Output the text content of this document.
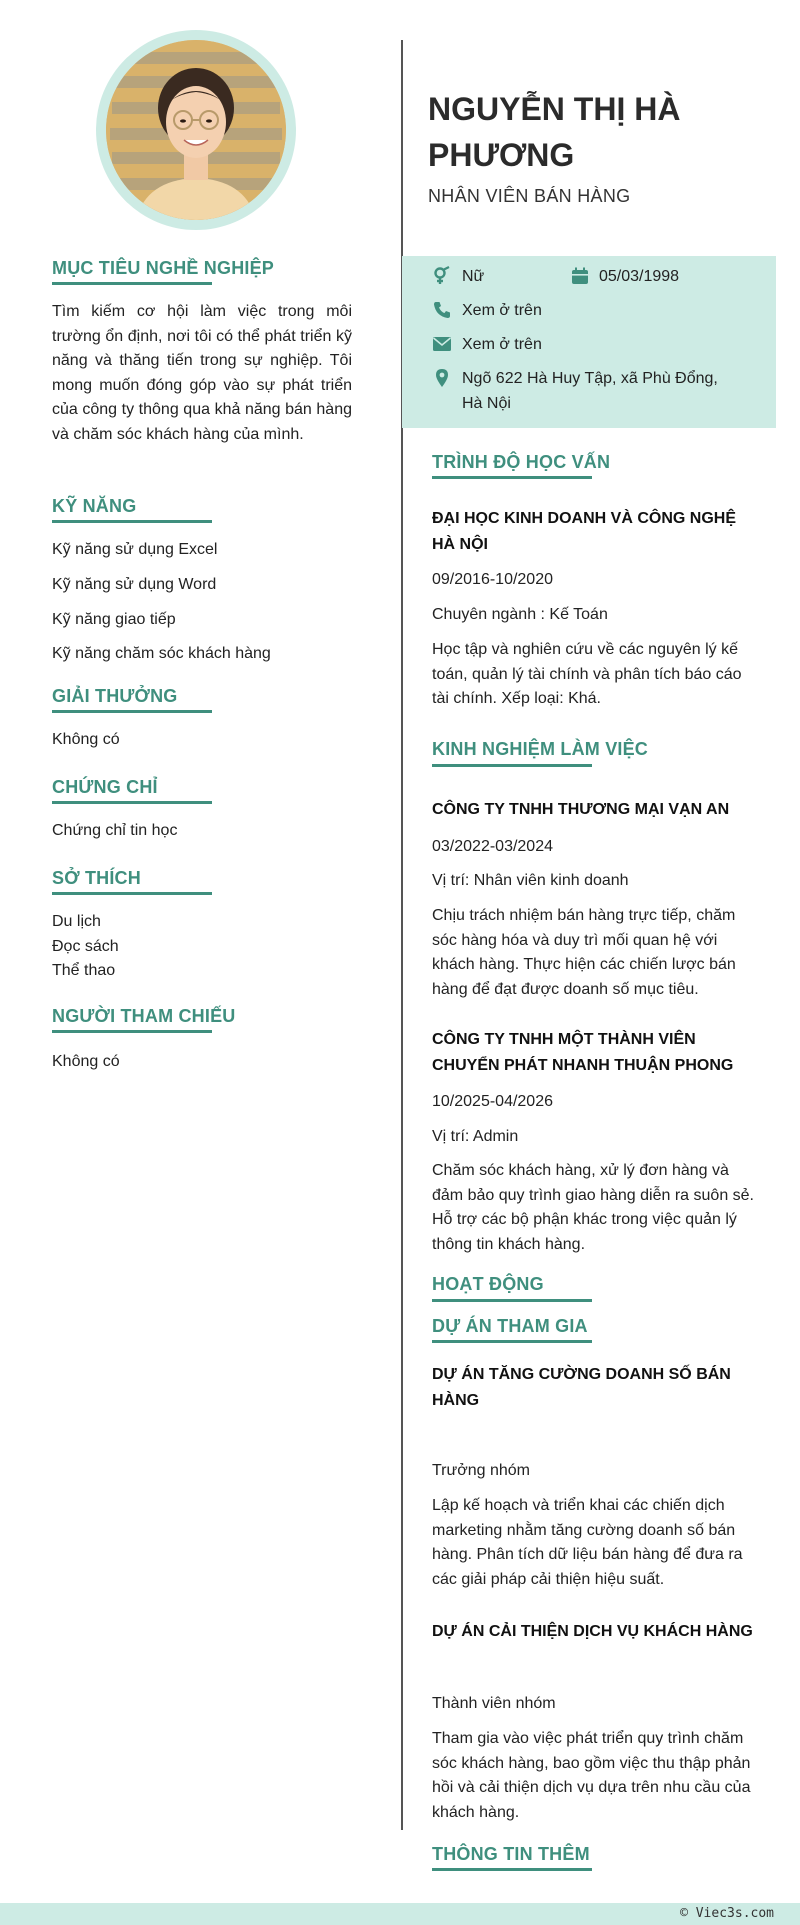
MỤC TIÊU NGHỀ NGHIỆP
Tìm kiếm cơ hội làm việc trong môi trường ổn định, nơi tôi có thể phát triển kỹ năng và thăng tiến trong sự nghiệp. Tôi mong muốn đóng góp vào sự phát triển của công ty thông qua khả năng bán hàng và chăm sóc khách hàng của mình.
KỸ NĂNG
Kỹ năng sử dụng Excel
Kỹ năng sử dụng Word
Kỹ năng giao tiếp
Kỹ năng chăm sóc khách hàng
GIẢI THƯỞNG
Không có
CHỨNG CHỈ
Chứng chỉ tin học
SỞ THÍCH
Du lịch
Đọc sách
Thể thao
NGƯỜI THAM CHIẾU
Không có
NGUYỄN THỊ HÀ PHƯƠNG
NHÂN VIÊN BÁN HÀNG
Nữ	05/03/1998
Xem ở trên
Xem ở trên
Ngõ 622 Hà Huy Tập, xã Phù Đổng,
Hà Nội
TRÌNH ĐỘ HỌC VẤN
ĐẠI HỌC KINH DOANH VÀ CÔNG NGHỆ HÀ NỘI
09/2016-10/2020
Chuyên ngành : Kế Toán
Học tập và nghiên cứu về các nguyên lý kế toán, quản lý tài chính và phân tích báo cáo tài chính. Xếp loại: Khá.
KINH NGHIỆM LÀM VIỆC
CÔNG TY TNHH THƯƠNG MẠI VẠN AN
03/2022-03/2024
Vị trí: Nhân viên kinh doanh
Chịu trách nhiệm bán hàng trực tiếp, chăm sóc hàng hóa và duy trì mối quan hệ với khách hàng. Thực hiện các chiến lược bán hàng để đạt được doanh số mục tiêu.
CÔNG TY TNHH MỘT THÀNH VIÊN CHUYỂN PHÁT NHANH THUẬN PHONG
10/2025-04/2026
Vị trí: Admin
Chăm sóc khách hàng, xử lý đơn hàng và đảm bảo quy trình giao hàng diễn ra suôn sẻ. Hỗ trợ các bộ phận khác trong việc quản lý thông tin khách hàng.
HOẠT ĐỘNG
DỰ ÁN THAM GIA
DỰ ÁN TĂNG CƯỜNG DOANH SỐ BÁN HÀNG
Trưởng nhóm
Lập kế hoạch và triển khai các chiến dịch marketing nhằm tăng cường doanh số bán hàng. Phân tích dữ liệu bán hàng để đưa ra các giải pháp cải thiện hiệu suất.
DỰ ÁN CẢI THIỆN DỊCH VỤ KHÁCH HÀNG
Thành viên nhóm
Tham gia vào việc phát triển quy trình chăm sóc khách hàng, bao gồm việc thu thập phản hồi và cải thiện dịch vụ dựa trên nhu cầu của khách hàng.
THÔNG TIN THÊM
© Viec3s.com
